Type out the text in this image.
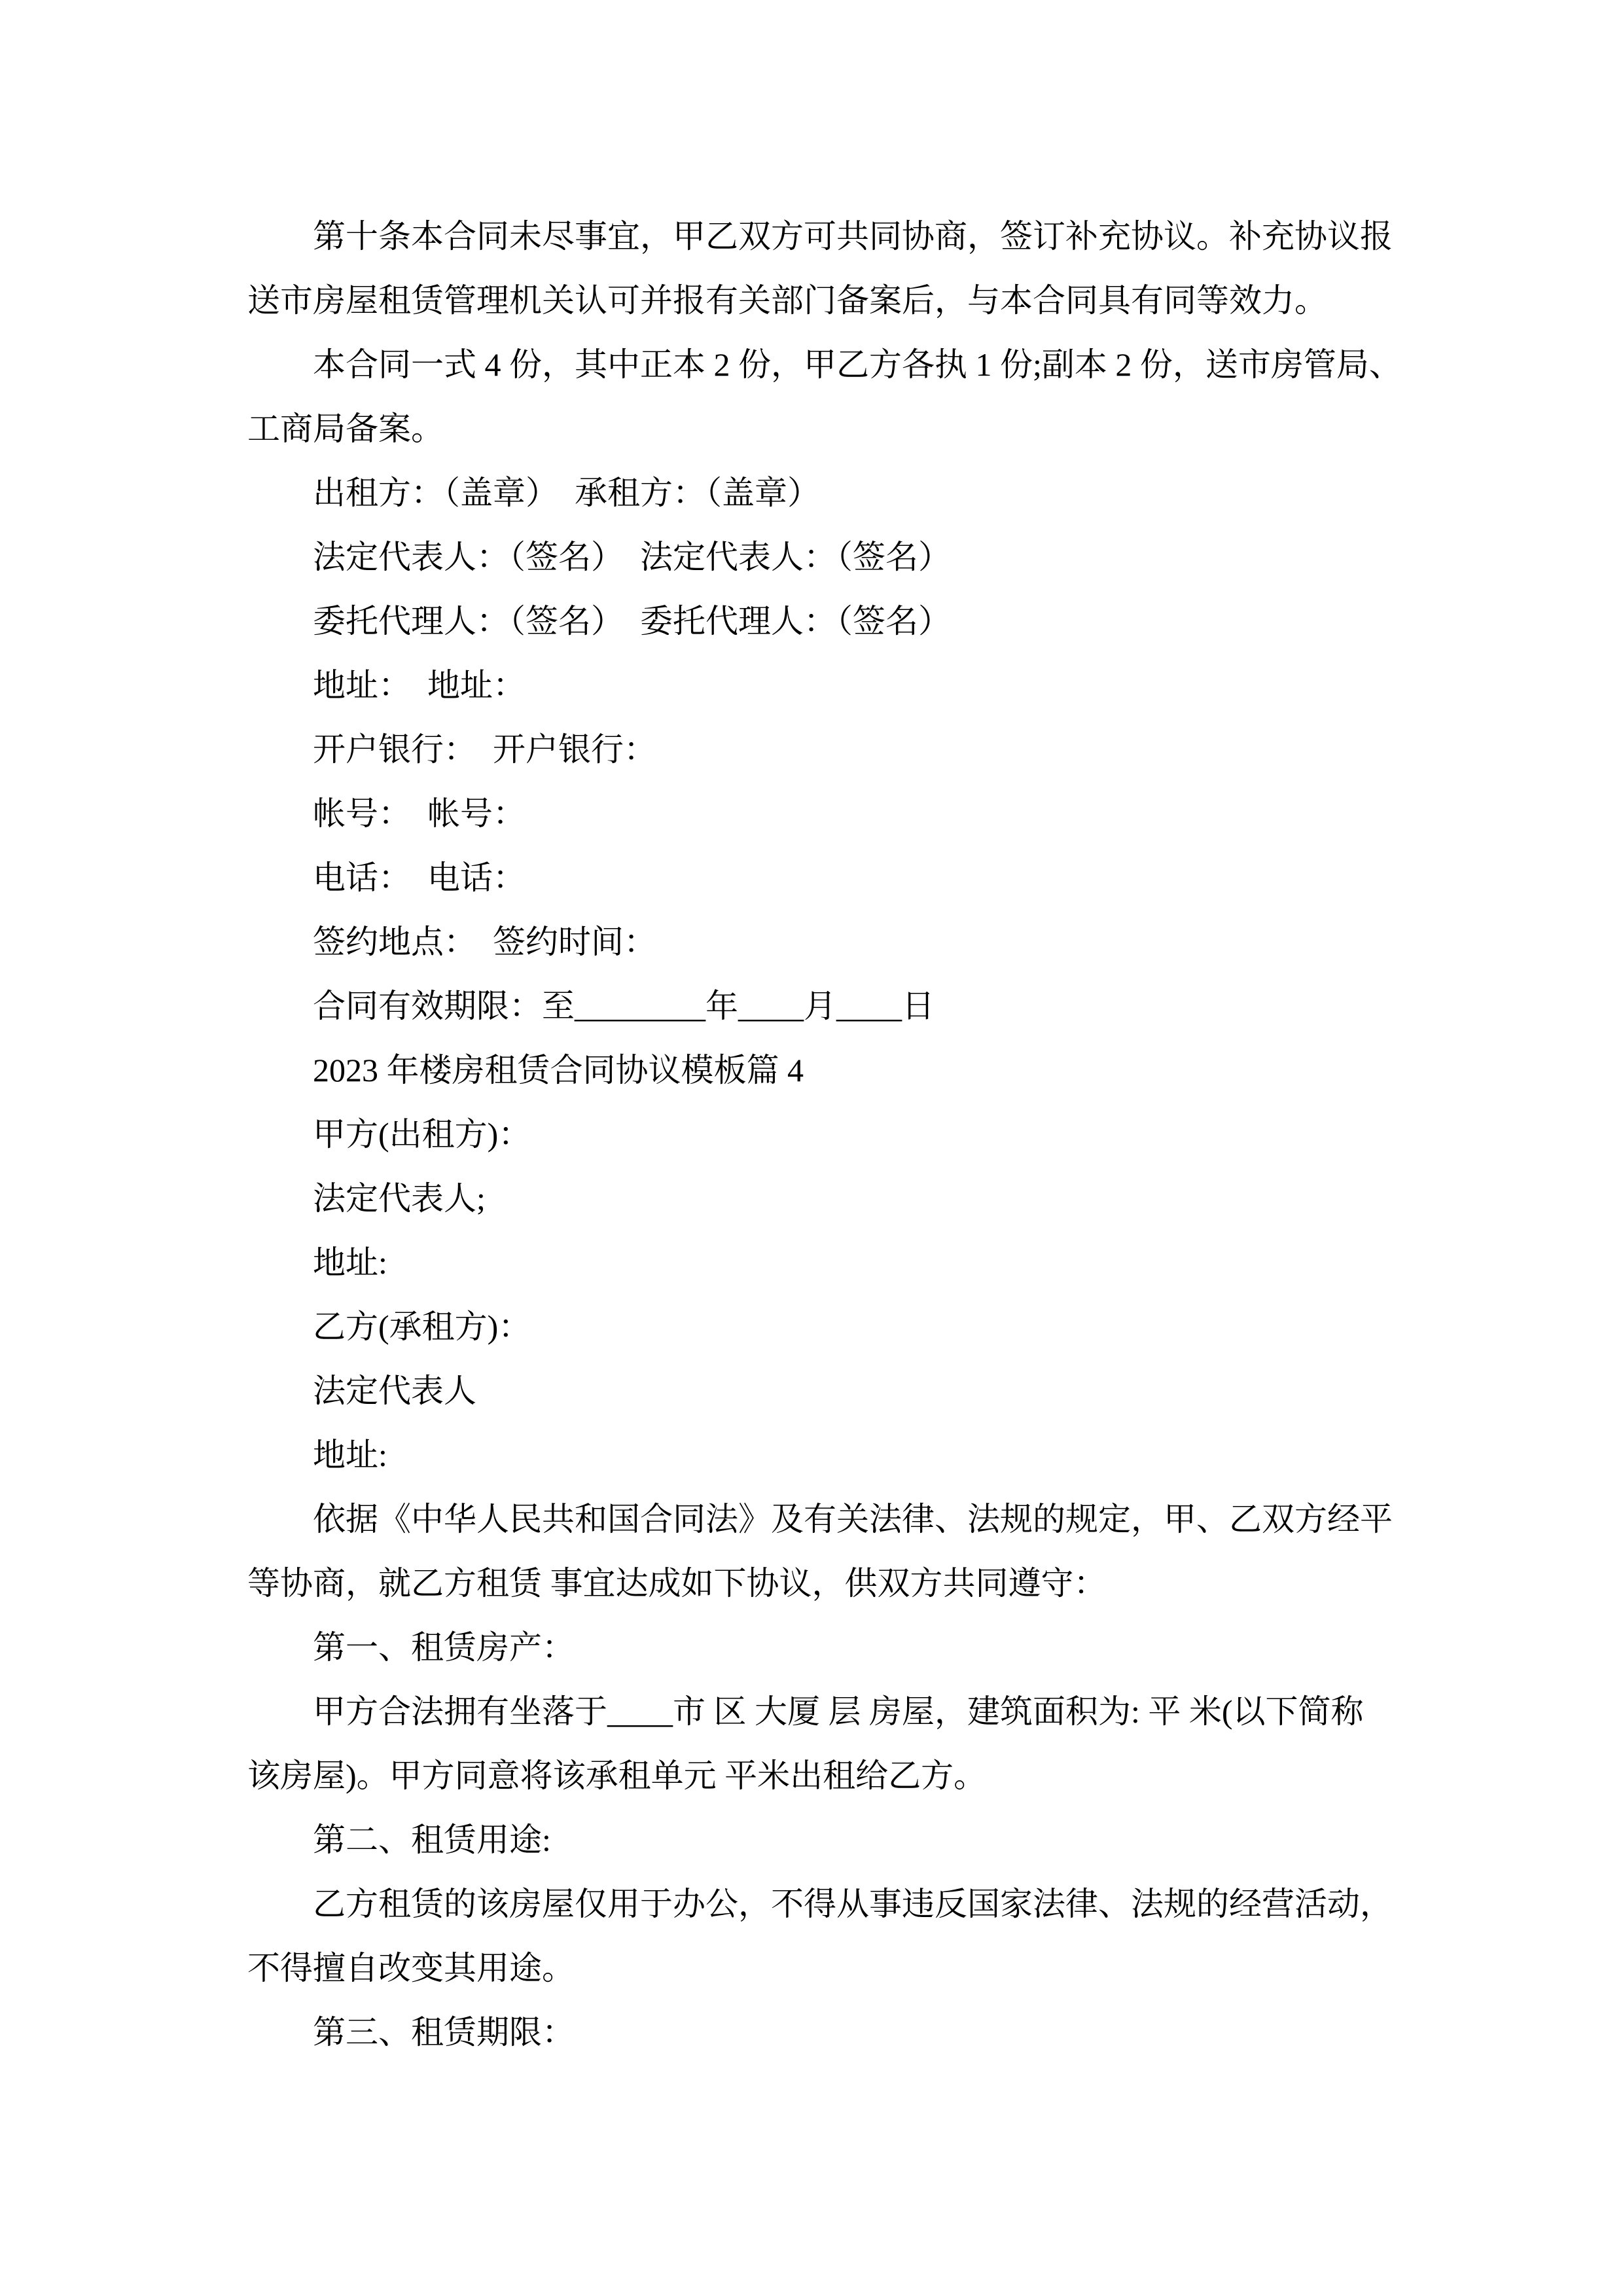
第十条本合同未尽事宜，甲乙双方可共同协商，签订补充协议。补充协议报
送市房屋租赁管理机关认可并报有关部门备案后，与本合同具有同等效力。
本合同一式 4 份，其中正本 2 份，甲乙方各执 1 份;副本 2 份，送市房管局、
工商局备案。
出租方：（盖章）　承租方：（盖章）
法定代表人：（签名）　法定代表人：（签名）
委托代理人：（签名）　委托代理人：（签名）
地址：　地址：
开户银行：　开户银行：
帐号：　帐号：
电话：　电话：
签约地点：　签约时间：
合同有效期限：至________年____月____日
2023 年楼房租赁合同协议模板篇 4
甲方(出租方)：
法定代表人;
地址:
乙方(承租方)：
法定代表人
地址:
依据《中华人民共和国合同法》及有关法律、法规的规定，甲、乙双方经平
等协商，就乙方租赁 事宜达成如下协议，供双方共同遵守：
第一、租赁房产：
甲方合法拥有坐落于____市 区 大厦 层 房屋，建筑面积为: 平 米(以下简称
该房屋)。甲方同意将该承租单元 平米出租给乙方。
第二、租赁用途:
乙方租赁的该房屋仅用于办公，不得从事违反国家法律、法规的经营活动，
不得擅自改变其用途。
第三、租赁期限：
